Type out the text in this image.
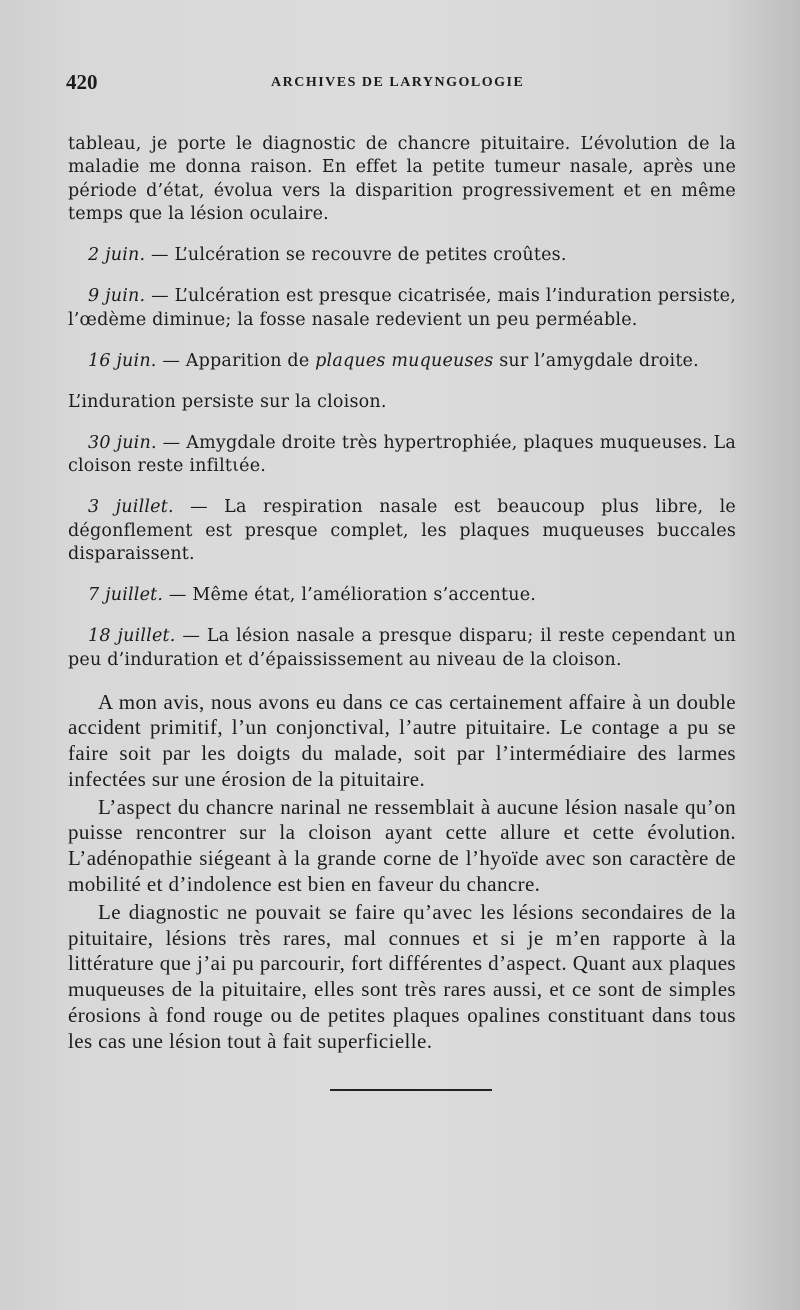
420	ARCHIVES DE LARYNGOLOGIE

tableau, je porte le diagnostic de chancre pituitaire. L’évolution de la maladie me donna raison. En effet la petite tumeur nasale, après une période d’état, évolua vers la disparition progressivement et en même temps que la lésion oculaire.

2 juin. — L’ulcération se recouvre de petites croûtes.

9 juin. — L’ulcération est presque cicatrisée, mais l’induration persiste, l’œdème diminue; la fosse nasale redevient un peu perméable.

16 juin. — Apparition de plaques muqueuses sur l’amygdale droite.

L’induration persiste sur la cloison.

30 juin. — Amygdale droite très hypertrophiée, plaques muqueuses. La cloison reste infiltιée.

3 juillet. — La respiration nasale est beaucoup plus libre, le dégonflement est presque complet, les plaques muqueuses buccales disparaissent.

7 juillet. — Même état, l’amélioration s’accentue.

18 juillet. — La lésion nasale a presque disparu; il reste cependant un peu d’induration et d’épaississement au niveau de la cloison.

A mon avis, nous avons eu dans ce cas certainement affaire à un double accident primitif, l’un conjonctival, l’autre pituitaire. Le contage a pu se faire soit par les doigts du malade, soit par l’intermédiaire des larmes infectées sur une érosion de la pituitaire.

L’aspect du chancre narinal ne ressemblait à aucune lésion nasale qu’on puisse rencontrer sur la cloison ayant cette allure et cette évolution. L’adénopathie siégeant à la grande corne de l’hyoïde avec son caractère de mobilité et d’indolence est bien en faveur du chancre.

Le diagnostic ne pouvait se faire qu’avec les lésions secondaires de la pituitaire, lésions très rares, mal connues et si je m’en rapporte à la littérature que j’ai pu parcourir, fort différentes d’aspect. Quant aux plaques muqueuses de la pituitaire, elles sont très rares aussi, et ce sont de simples érosions à fond rouge ou de petites plaques opalines constituant dans tous les cas une lésion tout à fait superficielle.
